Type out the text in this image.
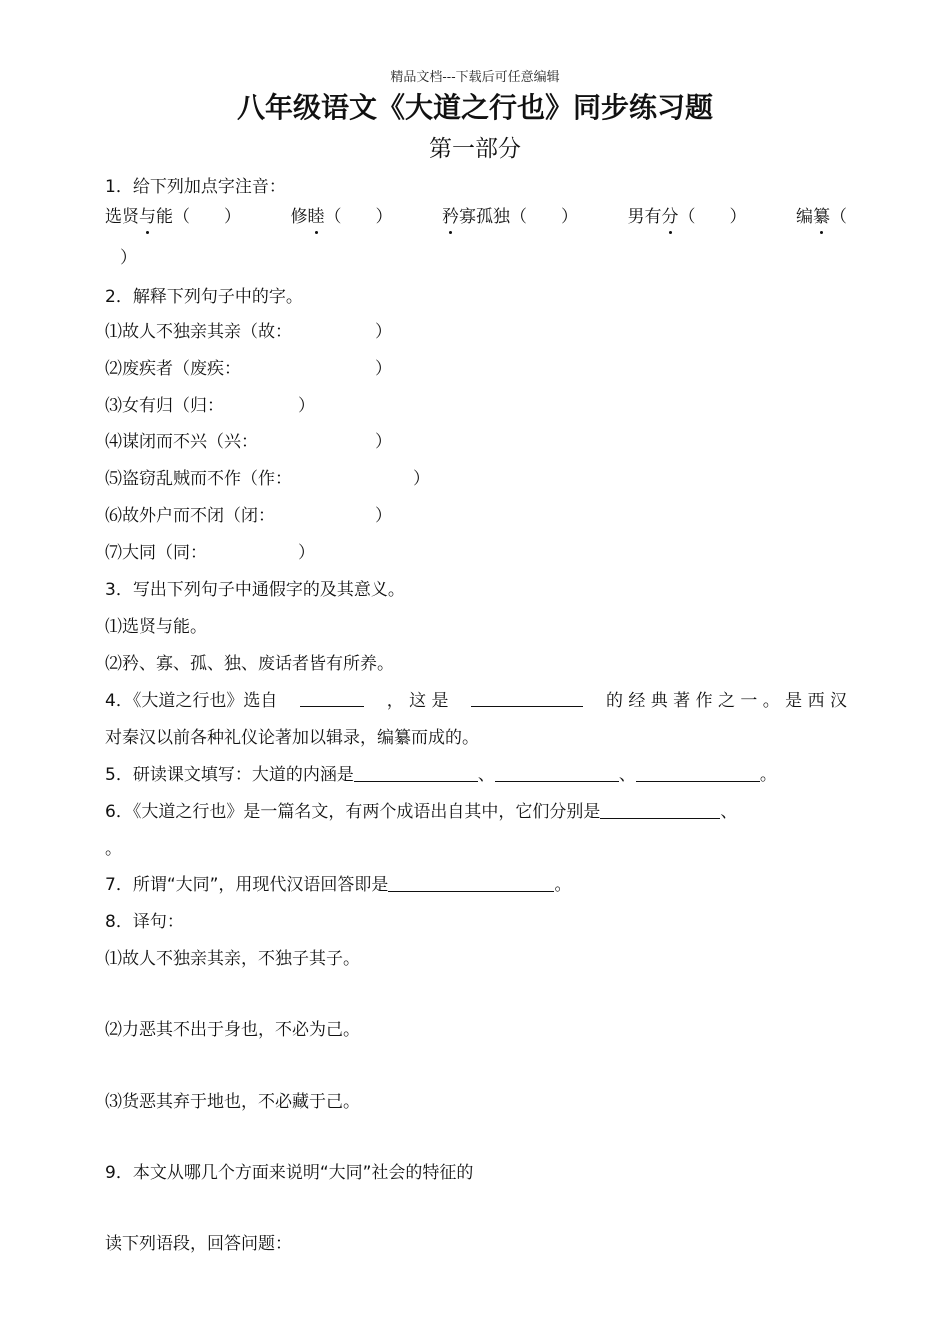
精品文档---下载后可任意编辑
八年级语文《大道之行也》同步练习题
第一部分
1．给下列加点字注音：
选贤与能（　　）	修睦（　　）	矜寡孤独（　　）	男有分（　　）	编纂（
）
2．解释下列句子中的字。
⑴故人不独亲其亲（故：	）
⑵废疾者（废疾：	）
⑶女有归（归：	）
⑷谋闭而不兴（兴：	）
⑸盗窃乱贼而不作（作：	）
⑹故外户而不闭（闭：	）
⑺大同（同：	）
3．写出下列句子中通假字的及其意义。
⑴选贤与能。
⑵矜、寡、孤、独、废话者皆有所养。
4．《大道之行也》选自	， 这 是	的 经 典 著 作 之 一 。 是 西 汉
对秦汉以前各种礼仪论著加以辑录，编纂而成的。
5．研读课文填写：大道的内涵是	、	、	。
6．《大道之行也》是一篇名文，有两个成语出自其中，它们分别是	、
。
7．所谓“大同”，用现代汉语回答即是	。
8．译句：
⑴故人不独亲其亲，不独子其子。
⑵力恶其不出于身也，不必为己。
⑶货恶其弃于地也，不必藏于己。
9．本文从哪几个方面来说明“大同”社会的特征的
读下列语段，回答问题：
